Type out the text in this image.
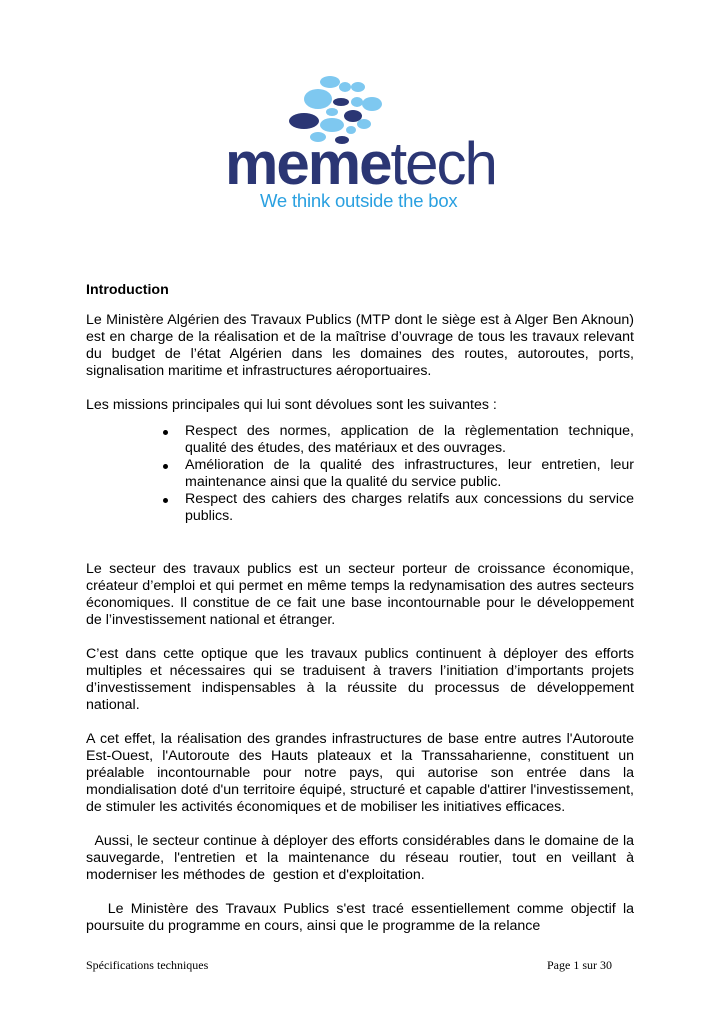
memetech
We think outside the box
Introduction

Le Ministère Algérien des Travaux Publics (MTP dont le siège est à Alger Ben Aknoun) est en charge de la réalisation et de la maîtrise d’ouvrage de tous les travaux relevant du budget de l’état Algérien dans les domaines des routes, autoroutes, ports, signalisation maritime et infrastructures aéroportuaires.

Les missions principales qui lui sont dévolues sont les suivantes :

Respect des normes, application de la règlementation technique, qualité des études, des matériaux et des ouvrages.
Amélioration de la qualité des infrastructures, leur entretien, leur maintenance ainsi que la qualité du service public.
Respect des cahiers des charges relatifs aux concessions du service publics.

Le secteur des travaux publics est un secteur porteur de croissance économique, créateur d’emploi et qui permet en même temps la redynamisation des autres secteurs économiques. Il constitue de ce fait une base incontournable pour le développement de l’investissement national et étranger.

C’est dans cette optique que les travaux publics continuent à déployer des efforts multiples et nécessaires qui se traduisent à travers l’initiation d’importants projets d’investissement indispensables à la réussite du processus de développement national.

A cet effet, la réalisation des grandes infrastructures de base entre autres l'Autoroute Est-Ouest, l'Autoroute des Hauts plateaux et la Transsaharienne, constituent un préalable incontournable pour notre pays, qui autorise son entrée dans la mondialisation doté d'un territoire équipé, structuré et capable d'attirer l'investissement, de stimuler les activités économiques et de mobiliser les initiatives efficaces.

Aussi, le secteur continue à déployer des efforts considérables dans le domaine de la sauvegarde, l'entretien et la maintenance du réseau routier, tout en veillant à moderniser les méthodes de  gestion et d'exploitation.

Le Ministère des Travaux Publics s'est tracé essentiellement comme objectif la poursuite du programme en cours, ainsi que le programme de la relance

Spécifications techniques	Page 1 sur 30
